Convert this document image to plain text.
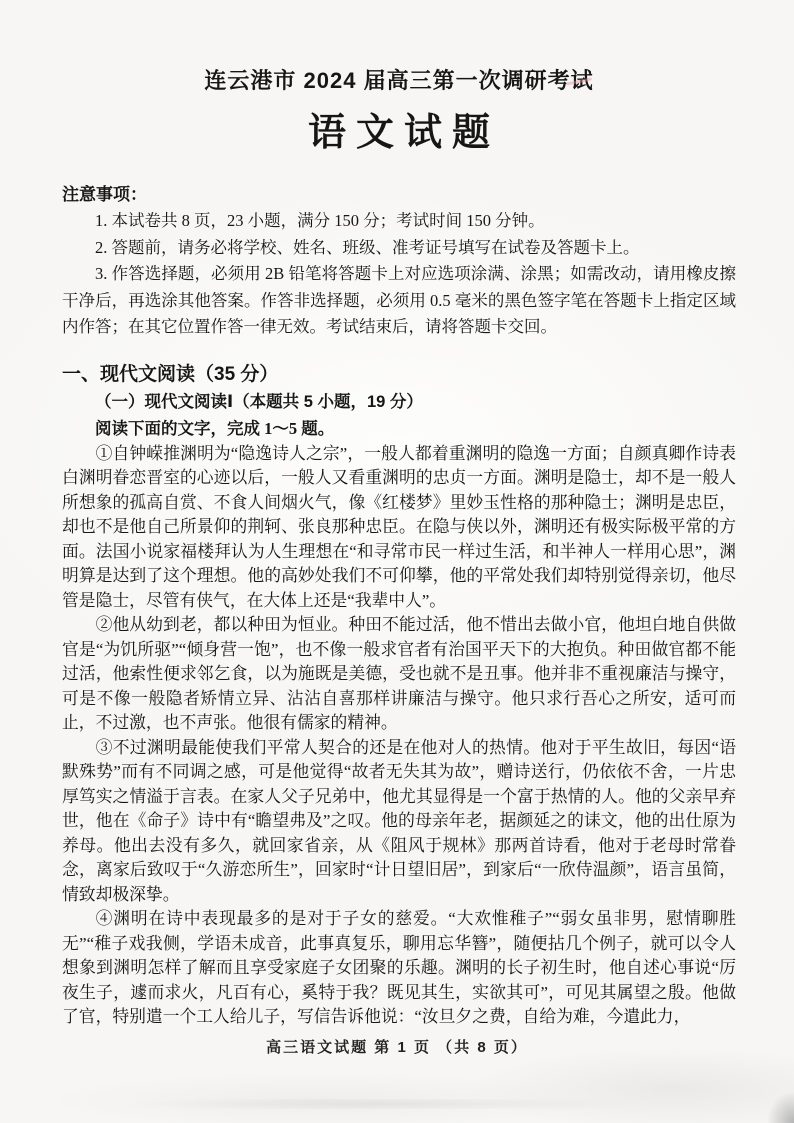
连云港市 2024 届高三第一次调研考试
语文试题
注意事项：

1. 本试卷共 8 页，23 小题，满分 150 分；考试时间 150 分钟。

2. 答题前，请务必将学校、姓名、班级、准考证号填写在试卷及答题卡上。

3. 作答选择题，必须用 2B 铅笔将答题卡上对应选项涂满、涂黑；如需改动，请用橡皮擦干净后，再选涂其他答案。作答非选择题，必须用 0.5 毫米的黑色签字笔在答题卡上指定区域内作答；在其它位置作答一律无效。考试结束后，请将答题卡交回。

一、现代文阅读（35 分）
（一）现代文阅读Ⅰ（本题共 5 小题，19 分）
阅读下面的文字，完成 1～5 题。

①自钟嵘推渊明为“隐逸诗人之宗”，一般人都着重渊明的隐逸一方面；自颜真卿作诗表白渊明眷恋晋室的心迹以后，一般人又看重渊明的忠贞一方面。渊明是隐士，却不是一般人所想象的孤高自赏、不食人间烟火气，像《红楼梦》里妙玉性格的那种隐士；渊明是忠臣，却也不是他自己所景仰的荆轲、张良那种忠臣。在隐与侠以外，渊明还有极实际极平常的方面。法国小说家福楼拜认为人生理想在“和寻常市民一样过生活，和半神人一样用心思”，渊明算是达到了这个理想。他的高妙处我们不可仰攀，他的平常处我们却特别觉得亲切，他尽管是隐士，尽管有侠气，在大体上还是“我辈中人”。

②他从幼到老，都以种田为恒业。种田不能过活，他不惜出去做小官，他坦白地自供做官是“为饥所驱”“倾身营一饱”，也不像一般求官者有治国平天下的大抱负。种田做官都不能过活，他索性便求邻乞食，以为施既是美德，受也就不是丑事。他并非不重视廉洁与操守，可是不像一般隐者矫情立异、沾沾自喜那样讲廉洁与操守。他只求行吾心之所安，适可而止，不过激，也不声张。他很有儒家的精神。

③不过渊明最能使我们平常人契合的还是在他对人的热情。他对于平生故旧，每因“语默殊势”而有不同调之感，可是他觉得“故者无失其为故”，赠诗送行，仍依依不舍，一片忠厚笃实之情溢于言表。在家人父子兄弟中，他尤其显得是一个富于热情的人。他的父亲早弃世，他在《命子》诗中有“瞻望弗及”之叹。他的母亲年老，据颜延之的诔文，他的出仕原为养母。他出去没有多久，就回家省亲，从《阻风于规林》那两首诗看，他对于老母时常眷念，离家后致叹于“久游恋所生”，回家时“计日望旧居”，到家后“一欣侍温颜”，语言虽简，情致却极深挚。

④渊明在诗中表现最多的是对于子女的慈爱。“大欢惟稚子”“弱女虽非男，慰情聊胜无”“稚子戏我侧，学语未成音，此事真复乐，聊用忘华簪”，随便拈几个例子，就可以令人想象到渊明怎样了解而且享受家庭子女团聚的乐趣。渊明的长子初生时，他自述心事说“厉夜生子，遽而求火，凡百有心，奚特于我？既见其生，实欲其可”，可见其属望之殷。他做了官，特别遣一个工人给儿子，写信告诉他说：“汝旦夕之费，自给为难，今遣此力，

高三语文试题 第 1 页 （共 8 页）
